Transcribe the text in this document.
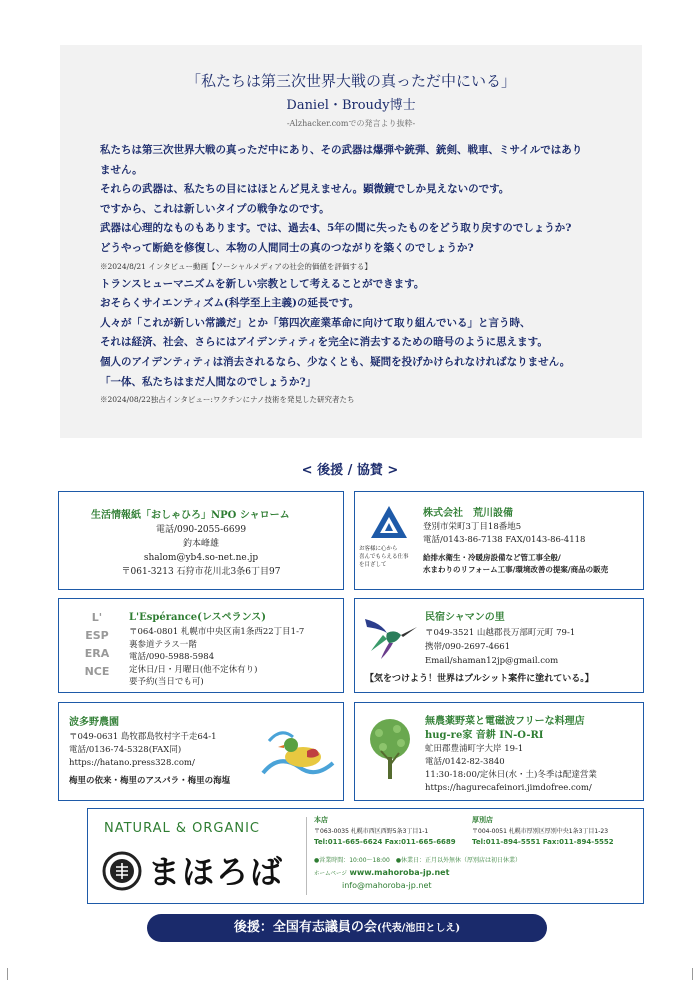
「私たちは第三次世界大戦の真っただ中にいる」
Daniel・Broudy博士
-Alzhacker.comでの発言より抜粋-
私たちは第三次世界大戦の真っただ中にあり、その武器は爆弾や銃弾、銃剣、戦車、ミサイルではあり
ません。
それらの武器は、私たちの目にはほとんど見えません。顕微鏡でしか見えないのです。
ですから、これは新しいタイプの戦争なのです。
武器は心理的なものもあります。では、過去4、5年の間に失ったものをどう取り戻すのでしょうか?
どうやって断絶を修復し、本物の人間同士の真のつながりを築くのでしょうか?
※2024/8/21 インタビュー動画【ソーシャルメディアの社会的価値を評価する】
トランスヒューマニズムを新しい宗教として考えることができます。
おそらくサイエンティズム(科学至上主義)の延長です。
人々が「これが新しい常識だ」とか「第四次産業革命に向けて取り組んでいる」と言う時、
それは経済、社会、さらにはアイデンティティを完全に消去するための暗号のように思えます。
個人のアイデンティティは消去されるなら、少なくとも、疑問を投げかけられなければなりません。
「一体、私たちはまだ人間なのでしょうか?」
※2024/08/22独占インタビュー:ワクチンにナノ技術を発見した研究者たち
< 後援 / 協賛 >
生活情報紙「おしゃひろ」NPO シャローム
電話/090-2055-6699
釣本峰雄
shalom@yb4.so-net.ne.jp
〒061-3213 石狩市花川北3条6丁目97
お客様に心から
喜んでもらえる仕事
を目ざして
株式会社　荒川設備
登別市栄町3丁目18番地5
電話/0143-86-7138 FAX/0143-86-4118
給排水衛生・冷暖房設備など管工事全般/
水まわりのリフォーム工事/環境改善の提案/商品の販売
L'
ESP
ERA
NCE
L'Espérance(レスペランス)
〒064-0801 札幌市中央区南1条西22丁目1-7
裏参道テラス一階
電話/090-5988-5984
定休日/日・月曜日(他不定休有り)
要予約(当日でも可)
民宿シャマンの里
〒049-3521 山越郡長万部町元町 79-1
携帯/090-2697-4661
Email/shaman12jp@gmail.com
【気をつけよう！世界はブルシット案件に塗れている。】
波多野農園
〒049-0631 島牧郡島牧村字千走64-1
電話/0136-74-5328(FAX同)
https://hatano.press328.com/
梅里の依来・梅里のアスパラ・梅里の海塩
無農薬野菜と電磁波フリーな料理店
hug-re家 音耕 IN-O-RI
虻田郡豊浦町字大岸 19-1
電話/0142-82-3840
11:30-18:00/定休日(水・土)冬季は配達営業
https://hagurecafeinori.jimdofree.com/
NATURAL & ORGANIC
まほろば
本店
〒063-0035 札幌市西区西野5条3丁目1-1
Tel:011-665-6624 Fax:011-665-6689
厚別店
〒004-0051 札幌市厚別区厚別中央1条3丁目1-23
Tel:011-894-5551 Fax:011-894-5552
●営業時間：10:00〜18:00　●休業日：正月以外無休（厚別店は初日休業）
ホームページ www.mahoroba-jp.net
info@mahoroba-jp.net
後援：全国有志議員の会(代表/池田としえ)
